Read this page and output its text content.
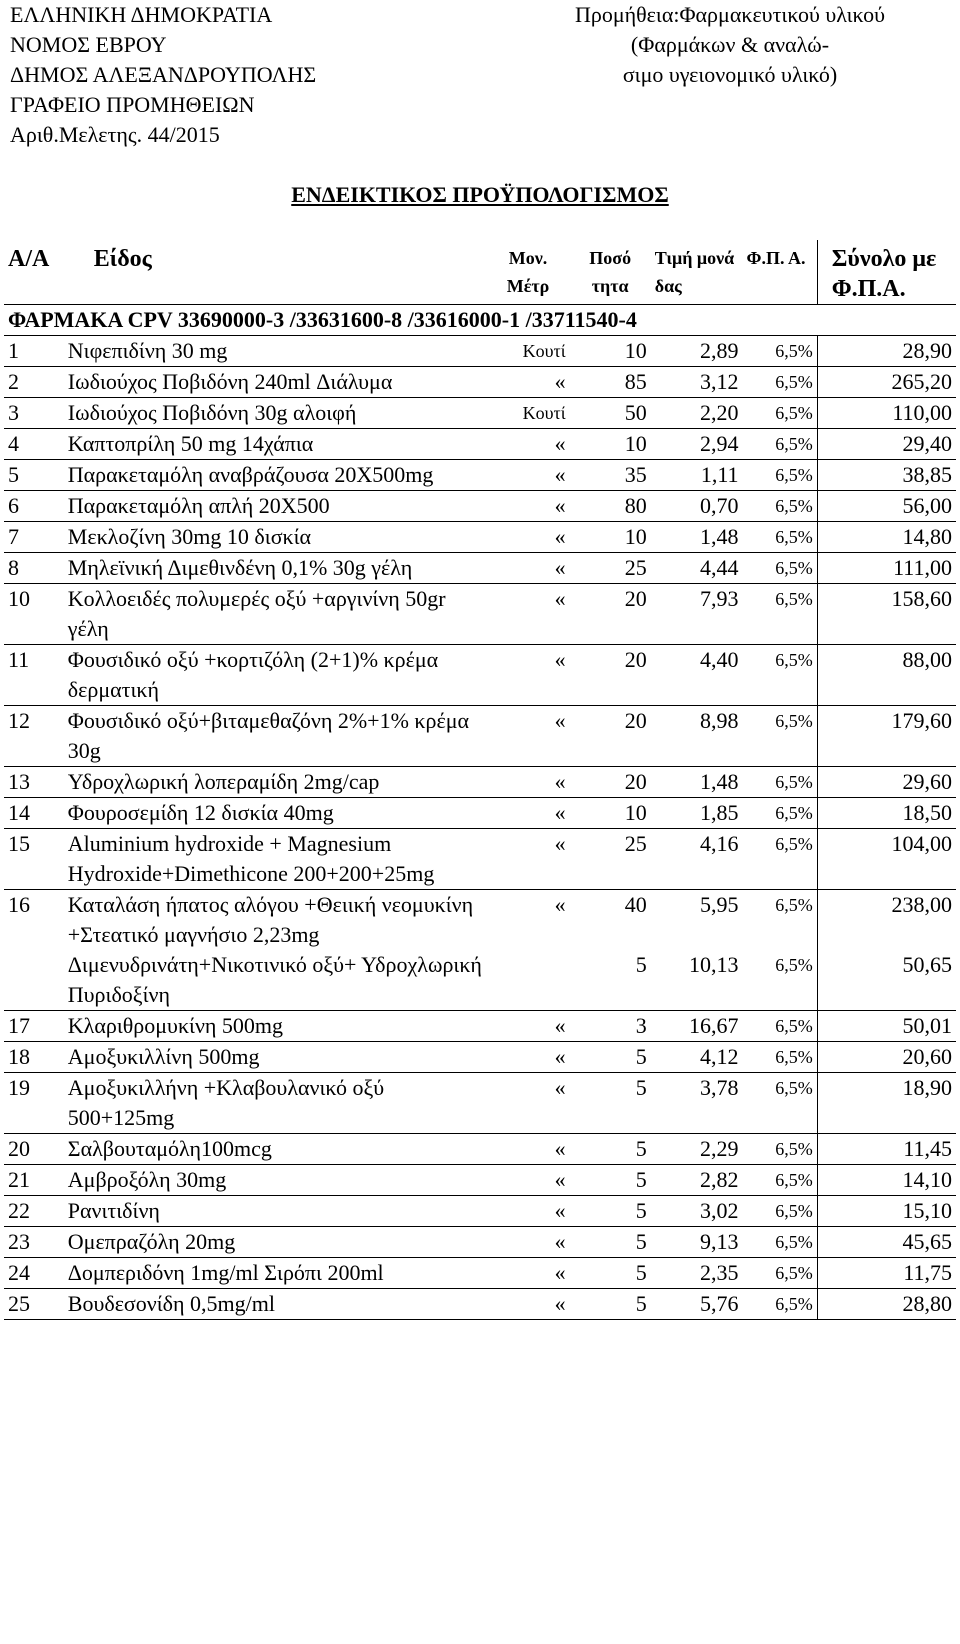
ΕΛΛΗΝΙΚΗ ΔΗΜΟΚΡΑΤΙΑ
ΝΟΜΟΣ ΕΒΡΟΥ
ΔΗΜΟΣ ΑΛΕΞΑΝΔΡΟΥΠΟΛΗΣ
ΓΡΑΦΕΙΟ ΠΡΟΜΗΘΕΙΩΝ
Αριθ.Μελετης. 44/2015
Προμήθεια:Φαρμακευτικού υλικού
(Φαρμάκων & αναλώ-
σιμο υγειονομικό υλικό)
ΕΝΔΕΙΚΤΙΚΟΣ ΠΡΟΫΠΟΛΟΓΙΣΜΟΣ
Α/Α	Είδος	Μον. Μέτρ	Ποσό τητα	Τιμή μονά δας	Φ.Π. Α.	Σύνολο με Φ.Π.Α.
ΦΑΡΜΑΚΑ CPV 33690000-3 /33631600-8 /33616000-1 /33711540-4						
1	Νιφεπιδίνη 30 mg	Κουτί	10	2,89	6,5%	28,90
2	Ιωδιούχος Ποβιδόνη 240ml Διάλυμα	«	85	3,12	6,5%	265,20
3	Ιωδιούχος Ποβιδόνη 30g αλοιφή	Κουτί	50	2,20	6,5%	110,00
4	Καπτοπρίλη 50 mg 14χάπια	«	10	2,94	6,5%	29,40
5	Παρακεταμόλη αναβράζουσα 20Χ500mg	«	35	1,11	6,5%	38,85
6	Παρακεταμόλη απλή 20Χ500	«	80	0,70	6,5%	56,00
7	Μεκλοζίνη 30mg 10 δισκία	«	10	1,48	6,5%	14,80
8	Μηλεϊνική Διμεθινδένη 0,1% 30g γέλη	«	25	4,44	6,5%	111,00
10	Κολλοειδές πολυμερές οξύ +αργινίνη 50gr γέλη	«	20	7,93	6,5%	158,60
11	Φουσιδικό οξύ +κορτιζόλη (2+1)% κρέμα δερματική	«	20	4,40	6,5%	88,00
12	Φουσιδικό οξύ+βιταμεθαζόνη 2%+1% κρέμα 30g	«	20	8,98	6,5%	179,60
13	Υδροχλωρική λοπεραμίδη 2mg/cap	«	20	1,48	6,5%	29,60
14	Φουροσεμίδη 12 δισκία 40mg	«	10	1,85	6,5%	18,50
15	Aluminium hydroxide + Magnesium Hydroxide+Dimethicone 200+200+25mg	«	25	4,16	6,5%	104,00
16	Καταλάση ήπατος αλόγου +Θειική νεομυκίνη +Στεατικό μαγνήσιο 2,23mg	«	40	5,95	6,5%	238,00
	Διμενυδρινάτη+Νικοτινικό οξύ+ Υδροχλωρική Πυριδοξίνη		5	10,13	6,5%	50,65
17	Κλαριθρομυκίνη 500mg	«	3	16,67	6,5%	50,01
18	Αμοξυκιλλίνη 500mg	«	5	4,12	6,5%	20,60
19	Αμοξυκιλλήνη +Κλαβουλανικό οξύ 500+125mg	«	5	3,78	6,5%	18,90
20	Σαλβουταμόλη100mcg	«	5	2,29	6,5%	11,45
21	Αμβροξόλη 30mg	«	5	2,82	6,5%	14,10
22	Ρανιτιδίνη	«	5	3,02	6,5%	15,10
23	Ομεπραζόλη 20mg	«	5	9,13	6,5%	45,65
24	Δομπεριδόνη 1mg/ml Σιρόπι 200ml	«	5	2,35	6,5%	11,75
25	Βουδεσονίδη 0,5mg/ml	«	5	5,76	6,5%	28,80
